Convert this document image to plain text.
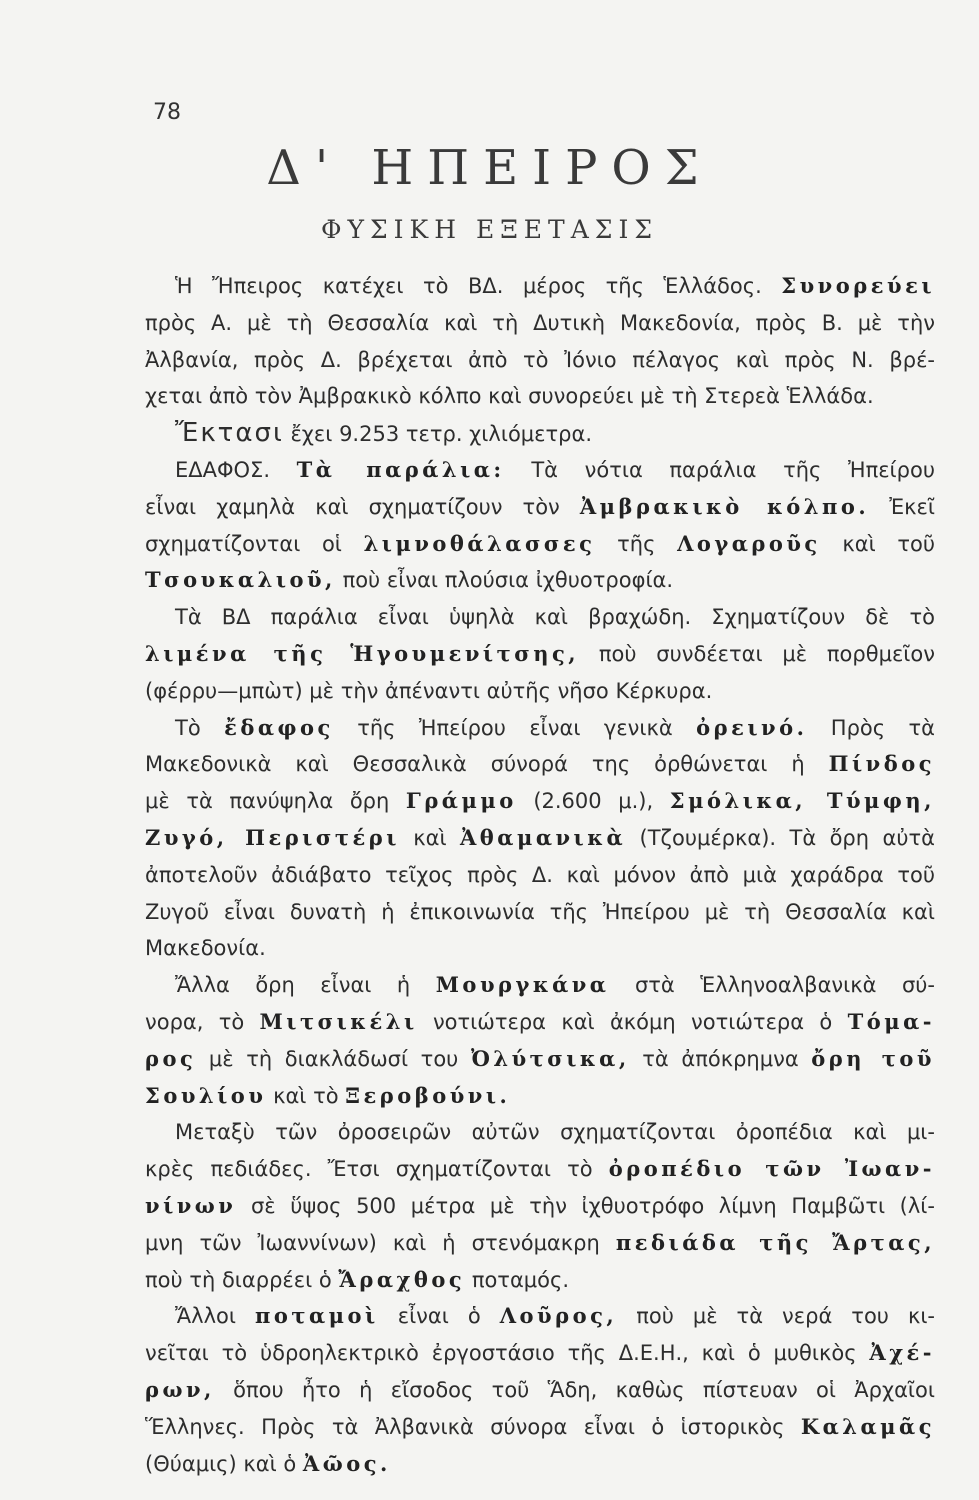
78
Δ' ΗΠΕΙΡΟΣ
ΦΥΣΙΚΗ ΕΞΕΤΑΣΙΣ
Ἡ Ἤπειρος κατέχει τὸ ΒΔ. μέρος τῆς Ἑλλάδος. Συνορεύει
πρὸς Α. μὲ τὴ Θεσσαλία καὶ τὴ Δυτικὴ Μακεδονία, πρὸς Β. μὲ τὴν
Ἀλβανία, πρὸς Δ. βρέχεται ἀπὸ τὸ Ἰόνιο πέλαγος καὶ πρὸς Ν. βρέ-
χεται ἀπὸ τὸν Ἀμβρακικὸ κόλπο καὶ συνορεύει μὲ τὴ Στερεὰ Ἑλλάδα.
Ἔκτασι ἔχει 9.253 τετρ. χιλιόμετρα.
ΕΔΑΦΟΣ. Τὰ παράλια: Τὰ νότια παράλια τῆς Ἠπείρου
εἶναι χαμηλὰ καὶ σχηματίζουν τὸν Ἀμβρακικὸ κόλπο. Ἐκεῖ
σχηματίζονται οἱ λιμνοθάλασσες τῆς Λογαροῦς καὶ τοῦ
Τσουκαλιοῦ, ποὺ εἶναι πλούσια ἰχθυοτροφία.
Τὰ ΒΔ παράλια εἶναι ὑψηλὰ καὶ βραχώδη. Σχηματίζουν δὲ τὸ
λιμένα τῆς Ἡγουμενίτσης, ποὺ συνδέεται μὲ πορθμεῖον
(φέρρυ—μπὼτ) μὲ τὴν ἀπέναντι αὐτῆς νῆσο Κέρκυρα.
Τὸ ἔδαφος τῆς Ἠπείρου εἶναι γενικὰ ὀρεινό. Πρὸς τὰ
Μακεδονικὰ καὶ Θεσσαλικὰ σύνορά της ὀρθώνεται ἡ Πίνδος
μὲ τὰ πανύψηλα ὄρη Γράμμο (2.600 μ.), Σμόλικα, Τύμφη,
Ζυγό, Περιστέρι καὶ Ἀθαμανικὰ (Τζουμέρκα). Τὰ ὄρη αὐτὰ
ἀποτελοῦν ἀδιάβατο τεῖχος πρὸς Δ. καὶ μόνον ἀπὸ μιὰ χαράδρα τοῦ
Ζυγοῦ εἶναι δυνατὴ ἡ ἐπικοινωνία τῆς Ἠπείρου μὲ τὴ Θεσσαλία καὶ
Μακεδονία.
Ἄλλα ὄρη εἶναι ἡ Μουργκάνα στὰ Ἑλληνοαλβανικὰ σύ-
νορα, τὸ Μιτσικέλι νοτιώτερα καὶ ἀκόμη νοτιώτερα ὁ Τόμα-
ρος μὲ τὴ διακλάδωσί του Ὀλύτσικα, τὰ ἀπόκρημνα ὄρη τοῦ
Σουλίου καὶ τὸ Ξεροβούνι.
Μεταξὺ τῶν ὀροσειρῶν αὐτῶν σχηματίζονται ὀροπέδια καὶ μι-
κρὲς πεδιάδες. Ἔτσι σχηματίζονται τὸ ὀροπέδιο τῶν Ἰωαν-
νίνων σὲ ὕψος 500 μέτρα μὲ τὴν ἰχθυοτρόφο λίμνη Παμβῶτι (λί-
μνη τῶν Ἰωαννίνων) καὶ ἡ στενόμακρη πεδιάδα τῆς Ἄρτας,
ποὺ τὴ διαρρέει ὁ Ἄραχθος ποταμός.
Ἄλλοι ποταμοὶ εἶναι ὁ Λοῦρος, ποὺ μὲ τὰ νερά του κι-
νεῖται τὸ ὑδροηλεκτρικὸ ἐργοστάσιο τῆς Δ.Ε.Η., καὶ ὁ μυθικὸς Ἀχέ-
ρων, ὅπου ἦτο ἡ εἴσοδος τοῦ Ἅδη, καθὼς πίστευαν οἱ Ἀρχαῖοι
Ἕλληνες. Πρὸς τὰ Ἀλβανικὰ σύνορα εἶναι ὁ ἱστορικὸς Καλαμᾶς
(Θύαμις) καὶ ὁ Ἀῶος.
